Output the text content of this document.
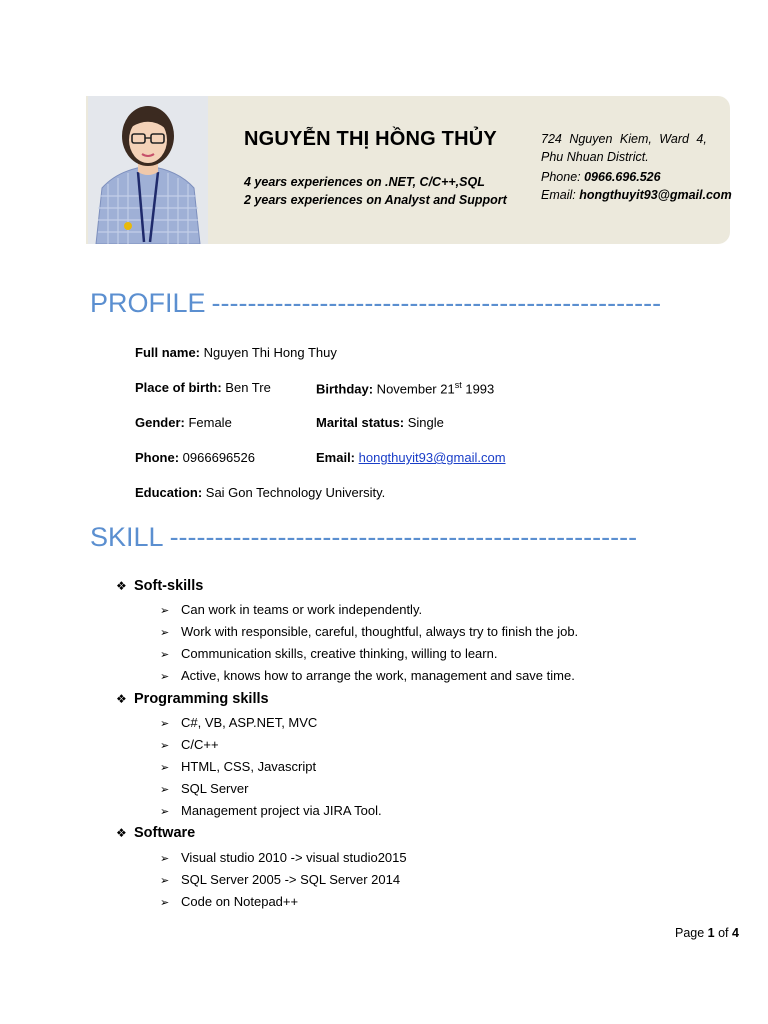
NGUYỄN THỊ HỒNG THỦY
4 years experiences on .NET, C/C++,SQL
2 years experiences on Analyst and Support
724 Nguyen Kiem, Ward 4,
Phu Nhuan District.
Phone: 0966.696.526
Email: hongthuyit93@gmail.com
PROFILE --------------------------------------------------
Full name: Nguyen Thi Hong Thuy
Place of birth: Ben Tre	Birthday: November 21st 1993
Gender: Female	Marital status: Single
Phone: 0966696526	Email: hongthuyit93@gmail.com
Education: Sai Gon Technology University.
SKILL ----------------------------------------------------
❖ Soft-skills
➢ Can work in teams or work independently.
➢ Work with responsible, careful, thoughtful, always try to finish the job.
➢ Communication skills, creative thinking, willing to learn.
➢ Active, knows how to arrange the work, management and save time.
❖ Programming skills
➢ C#, VB, ASP.NET, MVC
➢ C/C++
➢ HTML, CSS, Javascript
➢ SQL Server
➢ Management project via JIRA Tool.
❖ Software
➢ Visual studio 2010 -> visual studio2015
➢ SQL Server 2005 -> SQL Server 2014
➢ Code on Notepad++
Page 1 of 4
